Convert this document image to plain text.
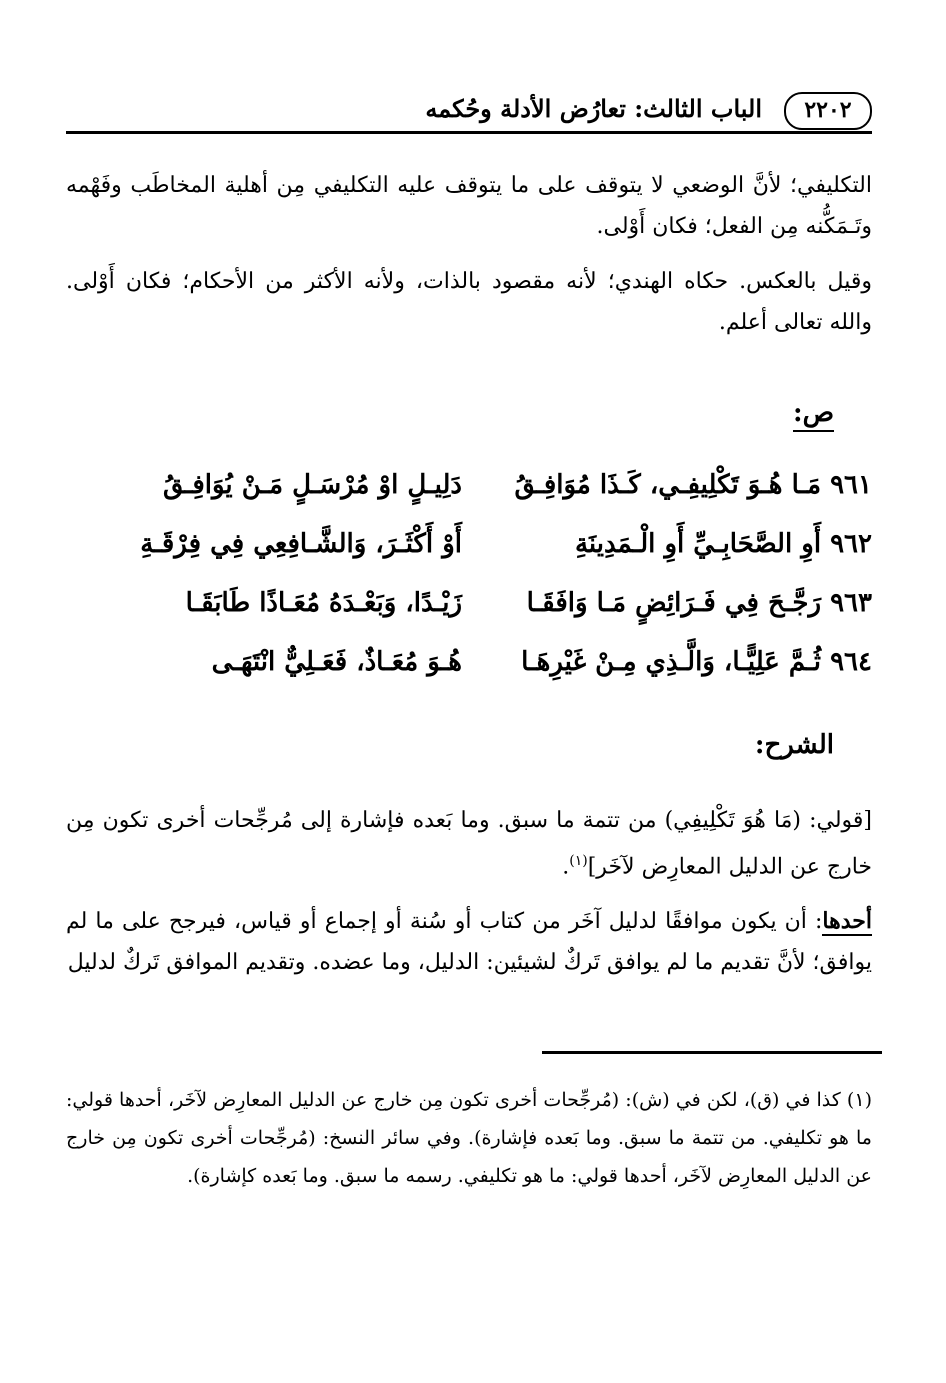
٢٢٠٢
الباب الثالث: تعارُض الأدلة وحُكمه

التكليفي؛ لأنَّ الوضعي لا يتوقف على ما يتوقف عليه التكليفي مِن أهلية المخاطَب وفَهْمه وتَـمَكُّنه مِن الفعل؛ فكان أَوْلى.

وقيل بالعكس. حكاه الهندي؛ لأنه مقصود بالذات، ولأنه الأكثر من الأحكام؛ فكان أَوْلى. والله تعالى أعلم.

ص:
٩٦١ مَـا هُـوَ تَكْلِيفِـي، كَـذَا مُوَافِـقُ
دَلِيـلٍ اوْ مُرْسَـلٍ مَـنْ يُوَافِـقُ
٩٦٢ أَوِ الصَّحَابِـيِّ أَوِ الْـمَدِينَةِ
أَوْ أَكْثَـرَ، وَالشَّـافِعِي فِي فِرْقَـةِ
٩٦٣ رَجَّـحَ فِي فَـرَائِضٍ مَـا وَافَقَـا
زَيْـدًا، وَبَعْـدَهُ مُعَـاذًا طَابَقَـا
٩٦٤ ثُـمَّ عَلِيًّـا، وَالَّـذِي مِـنْ غَيْرِهَـا
هُـوَ مُعَـاذٌ، فَعَـلِيٌّ انْتَهَـى
الشرح:

[قولي: (مَا هُوَ تَكْلِيفِي) من تتمة ما سبق. وما بَعده فإشارة إلى مُرجِّحات أخرى تكون مِن خارج عن الدليل المعارِض لآخَر]$^{(١)}$.

أحدها: أن يكون موافقًا لدليل آخَر من كتاب أو سُنة أو إجماع أو قياس، فيرجح على ما لم يوافق؛ لأنَّ تقديم ما لم يوافق تَركٌ لشيئين: الدليل، وما عضده. وتقديم الموافق تَركٌ لدليل

(١) كذا في (ق)، لكن في (ش): (مُرجِّحات أخرى تكون مِن خارج عن الدليل المعارِض لآخَر، أحدها قولي: ما هو تكليفي. من تتمة ما سبق. وما بَعده فإشارة). وفي سائر النسخ: (مُرجِّحات أخرى تكون مِن خارج عن الدليل المعارِض لآخَر، أحدها قولي: ما هو تكليفي. رسمه ما سبق. وما بَعده كإشارة).
